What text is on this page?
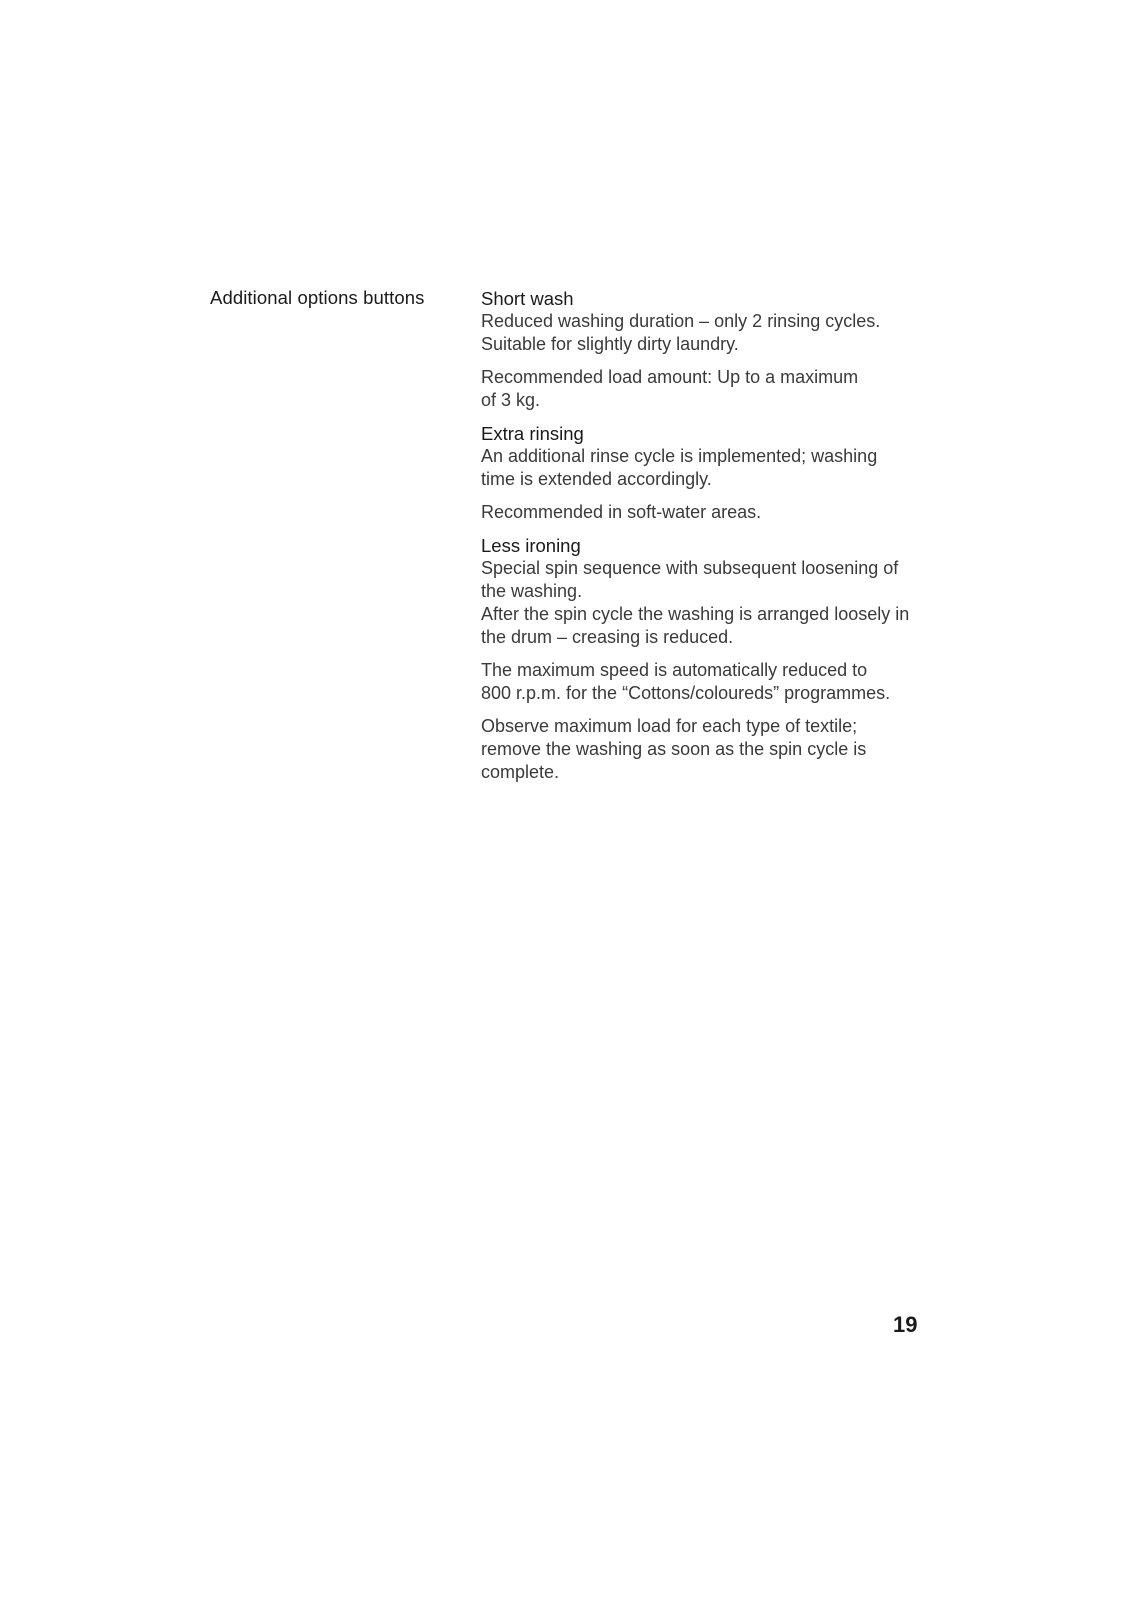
Additional options buttons	Short wash

Reduced washing duration – only 2 rinsing cycles.
Suitable for slightly dirty laundry.

Recommended load amount: Up to a maximum
of 3 kg.

Extra rinsing

An additional rinse cycle is implemented; washing
time is extended accordingly.

Recommended in soft-water areas.

Less ironing

Special spin sequence with subsequent loosening of
the washing.
After the spin cycle the washing is arranged loosely in
the drum – creasing is reduced.

The maximum speed is automatically reduced to
800 r.p.m. for the “Cottons/coloureds” programmes.

Observe maximum load for each type of textile;
remove the washing as soon as the spin cycle is
complete.

19
